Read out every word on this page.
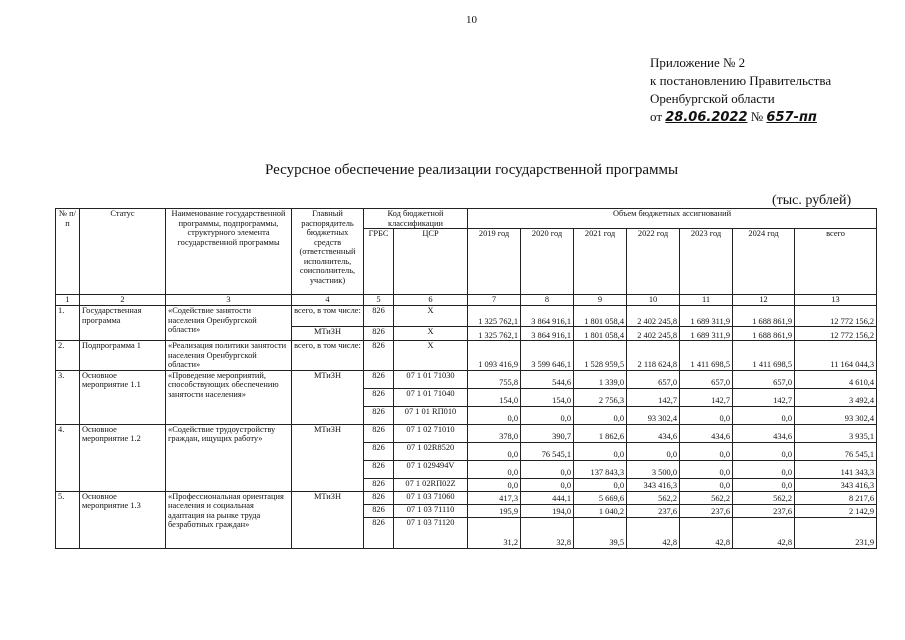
10
Приложение № 2
к постановлению Правительства
Оренбургской области
от 28.06.2022 № 657-пп
Ресурсное обеспечение реализации государственной программы
(тыс. рублей)
№ п/п	Статус	Наименование государственной программы, подпрограммы, структурного элемента государственной программы	Главный распорядитель бюджетных средств (ответственный исполнитель, соисполнитель, участник)	Код бюджетной классификации		Объем бюджетных ассигнований						
				ГРБС	ЦСР	2019 год	2020 год	2021 год	2022 год	2023 год	2024 год	всего
1	2	3	4	5	6	7	8	9	10	11	12	13
1.	Государственная программа	«Содействие занятости населения Оренбургской области»	всего, в том числе:	826	Х	1 325 762,1	3 864 916,1	1 801 058,4	2 402 245,8	1 689 311,9	1 688 861,9	12 772 156,2
			МТиЗН	826	Х	1 325 762,1	3 864 916,1	1 801 058,4	2 402 245,8	1 689 311,9	1 688 861,9	12 772 156,2
2.	Подпрограмма 1	«Реализация политики занятости населения Оренбургской области»	всего, в том числе:	826	Х	1 093 416,9	3 599 646,1	1 528 959,5	2 118 624,8	1 411 698,5	1 411 698,5	11 164 044,3
3.	Основное мероприятие 1.1	«Проведение мероприятий, способствующих обеспечению занятости населения»	МТиЗН	826	07 1 01 71030	755,8	544,6	1 339,0	657,0	657,0	657,0	4 610,4
				826	07 1 01 71040	154,0	154,0	2 756,3	142,7	142,7	142,7	3 492,4
				826	07 1 01 RП010	0,0	0,0	0,0	93 302,4	0,0	0,0	93 302,4
4.	Основное мероприятие 1.2	«Содействие трудоустройству граждан, ищущих работу»	МТиЗН	826	07 1 02 71010	378,0	390,7	1 862,6	434,6	434,6	434,6	3 935,1
				826	07 1 02R8520	0,0	76 545,1	0,0	0,0	0,0	0,0	76 545,1
				826	07 1 029494V	0,0	0,0	137 843,3	3 500,0	0,0	0,0	141 343,3
				826	07 1 02RП02Z	0,0	0,0	0,0	343 416,3	0,0	0,0	343 416,3
5.	Основное мероприятие 1.3	«Профессиональная ориентация населения и социальная адаптация на рынке труда безработных граждан»	МТиЗН	826	07 1 03 71060	417,3	444,1	5 669,6	562,2	562,2	562,2	8 217,6
				826	07 1 03 71110	195,9	194,0	1 040,2	237,6	237,6	237,6	2 142,9
				826	07 1 03 71120	31,2	32,8	39,5	42,8	42,8	42,8	231,9
